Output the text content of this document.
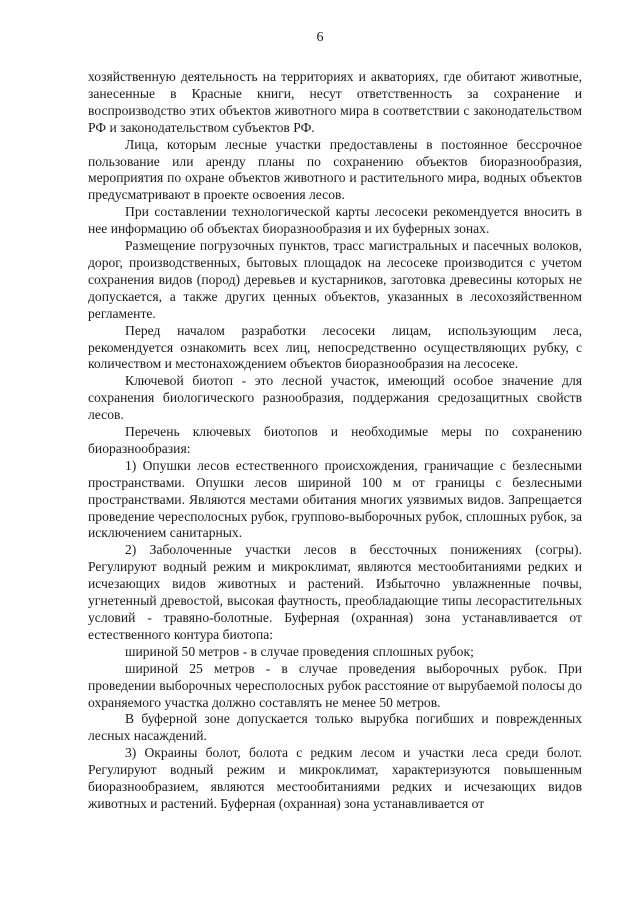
6

хозяйственную деятельность на территориях и акваториях, где обитают животные, занесенные в Красные книги, несут ответственность за сохранение и воспроизводство этих объектов животного мира в соответствии с законодательством РФ и законодательством субъектов РФ.

Лица, которым лесные участки предоставлены в постоянное бессрочное пользование или аренду планы по сохранению объектов биоразнообразия, мероприятия по охране объектов животного и растительного мира, водных объектов предусматривают в проекте освоения лесов.

При составлении технологической карты лесосеки рекомендуется вносить в нее информацию об объектах биоразнообразия и их буферных зонах.

Размещение погрузочных пунктов, трасс магистральных и пасечных волоков, дорог, производственных, бытовых площадок на лесосеке производится с учетом сохранения видов (пород) деревьев и кустарников, заготовка древесины которых не допускается, а также других ценных объектов, указанных в лесохозяйственном регламенте.

Перед началом разработки лесосеки лицам, использующим леса, рекомендуется ознакомить всех лиц, непосредственно осуществляющих рубку, с количеством и местонахождением объектов биоразнообразия на лесосеке.

Ключевой биотоп - это лесной участок, имеющий особое значение для сохранения биологического разнообразия, поддержания средозащитных свойств лесов.

Перечень ключевых биотопов и необходимые меры по сохранению биоразнообразия:

1) Опушки лесов естественного происхождения, граничащие с безлесными пространствами. Опушки лесов шириной 100 м от границы с безлесными пространствами. Являются местами обитания многих уязвимых видов. Запрещается проведение чересполосных рубок, группово-выборочных рубок, сплошных рубок, за исключением санитарных.

2) Заболоченные участки лесов в бессточных понижениях (согры). Регулируют водный режим и микроклимат, являются местообитаниями редких и исчезающих видов животных и растений. Избыточно увлажненные почвы, угнетенный древостой, высокая фаутность, преобладающие типы лесорастительных условий - травяно-болотные. Буферная (охранная) зона устанавливается от естественного контура биотопа:

шириной 50 метров - в случае проведения сплошных рубок;

шириной 25 метров - в случае проведения выборочных рубок. При проведении выборочных чересполосных рубок расстояние от вырубаемой полосы до охраняемого участка должно составлять не менее 50 метров.

В буферной зоне допускается только вырубка погибших и поврежденных лесных насаждений.

3) Окраины болот, болота с редким лесом и участки леса среди болот. Регулируют водный режим и микроклимат, характеризуются повышенным биоразнообразием, являются местообитаниями редких и исчезающих видов животных и растений. Буферная (охранная) зона устанавливается от
